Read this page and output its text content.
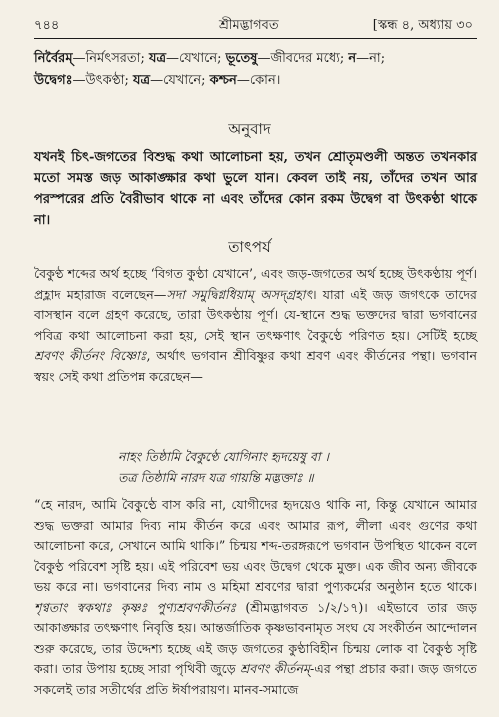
৭৪৪	শ্রীমদ্ভাগবত	[স্কন্ধ ৪, অধ্যায় ৩০
নির্বৈরম্—নির্মৎসরতা; যত্র—যেখানে; ভূতেষু—জীবদের মধ্যে; ন—না;
উদ্বেগঃ—উৎকণ্ঠা; যত্র—যেখানে; কশ্চন—কোন।
অনুবাদ
যখনই চিৎ-জগতের বিশুদ্ধ কথা আলোচনা হয়, তখন শ্রোতৃমণ্ডলী অন্তত তখনকার মতো সমস্ত জড় আকাঙ্ক্ষার কথা ভুলে যান। কেবল তাই নয়, তাঁদের তখন আর পরস্পরের প্রতি বৈরীভাব থাকে না এবং তাঁদের কোন রকম উদ্বেগ বা উৎকণ্ঠা থাকে না।
তাৎপর্য
বৈকুণ্ঠ শব্দের অর্থ হচ্ছে ‘বিগত কুণ্ঠা যেখানে’, এবং জড়-জগতের অর্থ হচ্ছে উৎকণ্ঠায় পূর্ণ। প্রহ্লাদ মহারাজ বলেছেন—সদা সমুদ্বিগ্নধিয়াম্ অসদ্গ্রহাৎ। যারা এই জড় জগৎকে তাদের বাসস্থান বলে গ্রহণ করেছে, তারা উৎকণ্ঠায় পূর্ণ। যে-স্থানে শুদ্ধ ভক্তদের দ্বারা ভগবানের পবিত্র কথা আলোচনা করা হয়, সেই স্থান তৎক্ষণাৎ বৈকুণ্ঠে পরিণত হয়। সেটিই হচ্ছে শ্রবণং কীর্তনং বিষ্ণোঃ, অর্থাৎ ভগবান শ্রীবিষ্ণুর কথা শ্রবণ এবং কীর্তনের পন্থা। ভগবান স্বয়ং সেই কথা প্রতিপন্ন করেছেন—
নাহং তিষ্ঠামি বৈকুণ্ঠে যোগিনাং হৃদয়েষু বা ।
তত্র তিষ্ঠামি নারদ যত্র গায়ন্তি মদ্ভক্তাঃ ॥
“হে নারদ, আমি বৈকুণ্ঠে বাস করি না, যোগীদের হৃদয়েও থাকি না, কিন্তু যেখানে আমার শুদ্ধ ভক্তরা আমার দিব্য নাম কীর্তন করে এবং আমার রূপ, লীলা এবং গুণের কথা আলোচনা করে, সেখানে আমি থাকি।” চিন্ময় শব্দ-তরঙ্গরূপে ভগবান উপস্থিত থাকেন বলে বৈকুণ্ঠ পরিবেশ সৃষ্টি হয়। এই পরিবেশ ভয় এবং উদ্বেগ থেকে মুক্ত। এক জীব অন্য জীবকে ভয় করে না। ভগবানের দিব্য নাম ও মহিমা শ্রবণের দ্বারা পুণ্যকর্মের অনুষ্ঠান হতে থাকে। শৃণ্বতাং স্বকথাঃ কৃষ্ণঃ পুণ্যশ্রবণকীর্তনঃ (শ্রীমদ্ভাগবত ১/২/১৭)। এইভাবে তার জড় আকাঙ্ক্ষার তৎক্ষণাৎ নিবৃত্তি হয়। আন্তর্জাতিক কৃষ্ণভাবনামৃত সংঘ যে সংকীর্তন আন্দোলন শুরু করেছে, তার উদ্দেশ্য হচ্ছে এই জড় জগতের কুণ্ঠাবিহীন চিন্ময় লোক বা বৈকুণ্ঠ সৃষ্টি করা। তার উপায় হচ্ছে সারা পৃথিবী জুড়ে শ্রবণং কীর্তনম্-এর পন্থা প্রচার করা। জড় জগতে সকলেই তার সতীর্থের প্রতি ঈর্ষাপরায়ণ। মানব-সমাজে
